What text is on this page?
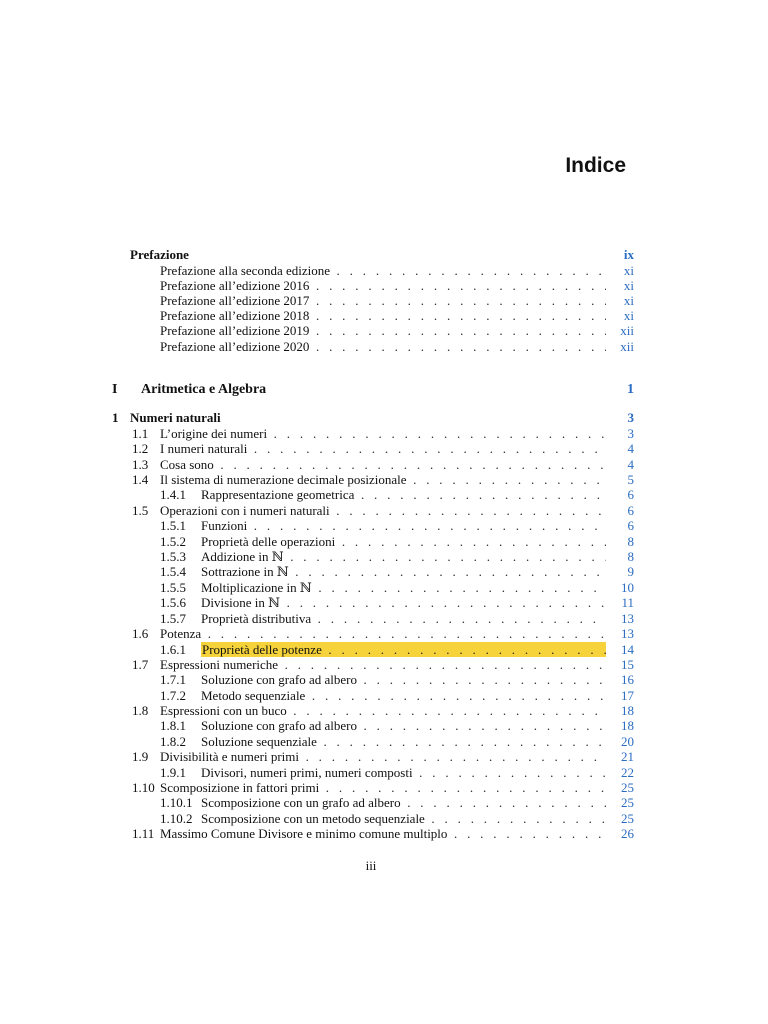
Indice
Prefazione	ix
Prefazione alla seconda edizione . . .	xi
Prefazione all’edizione 2016 . . .	xi
Prefazione all’edizione 2017 . . .	xi
Prefazione all’edizione 2018 . . .	xi
Prefazione all’edizione 2019 . . .	xii
Prefazione all’edizione 2020 . . .	xii
I Aritmetica e Algebra	1
1 Numeri naturali	3
1.1 L’origine dei numeri . . .	3
1.2 I numeri naturali . . .	4
1.3 Cosa sono . . .	4
1.4 Il sistema di numerazione decimale posizionale . . .	5
1.4.1 Rappresentazione geometrica . . .	6
1.5 Operazioni con i numeri naturali . . .	6
1.5.1 Funzioni . . .	6
1.5.2 Proprietà delle operazioni . . .	8
1.5.3 Addizione in ℕ . . .	8
1.5.4 Sottrazione in ℕ . . .	9
1.5.5 Moltiplicazione in ℕ . . .	10
1.5.6 Divisione in ℕ . . .	11
1.5.7 Proprietà distributiva . . .	13
1.6 Potenza . . .	13
1.6.1 Proprietà delle potenze . . .	14
1.7 Espressioni numeriche . . .	15
1.7.1 Soluzione con grafo ad albero . . .	16
1.7.2 Metodo sequenziale . . .	17
1.8 Espressioni con un buco . . .	18
1.8.1 Soluzione con grafo ad albero . . .	18
1.8.2 Soluzione sequenziale . . .	20
1.9 Divisibilità e numeri primi . . .	21
1.9.1 Divisori, numeri primi, numeri composti . . .	22
1.10 Scomposizione in fattori primi . . .	25
1.10.1 Scomposizione con un grafo ad albero . . .	25
1.10.2 Scomposizione con un metodo sequenziale . . .	25
1.11 Massimo Comune Divisore e minimo comune multiplo . . .	26
iii
